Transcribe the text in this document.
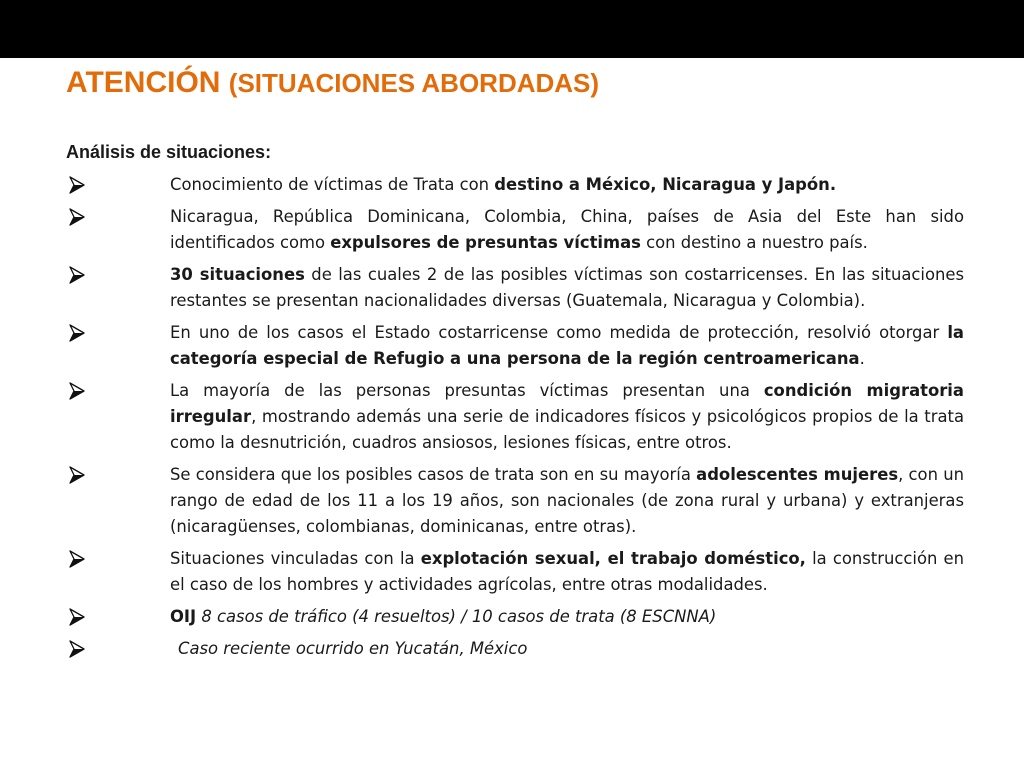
ATENCIÓN (SITUACIONES ABORDADAS)

Análisis de situaciones:

Conocimiento de víctimas de Trata con destino a México, Nicaragua y Japón.
Nicaragua, República Dominicana, Colombia, China, países de Asia del Este han sido identificados como expulsores de presuntas víctimas con destino a nuestro país.
30 situaciones de las cuales 2 de las posibles víctimas son costarricenses. En las situaciones restantes se presentan nacionalidades diversas (Guatemala, Nicaragua y Colombia).
En uno de los casos el Estado costarricense como medida de protección, resolvió otorgar la categoría especial de Refugio a una persona de la región centroamericana.
La mayoría de las personas presuntas víctimas presentan una condición migratoria irregular, mostrando además una serie de indicadores físicos y psicológicos propios de la trata como la desnutrición, cuadros ansiosos, lesiones físicas, entre otros.
Se considera que los posibles casos de trata son en su mayoría adolescentes mujeres, con un rango de edad de los 11 a los 19 años, son nacionales (de zona rural y urbana) y extranjeras (nicaragüenses, colombianas, dominicanas, entre otras).
Situaciones vinculadas con la explotación sexual, el trabajo doméstico, la construcción en el caso de los hombres y actividades agrícolas, entre otras modalidades.
OIJ 8 casos de tráfico (4 resueltos) / 10 casos de trata (8 ESCNNA)
Caso reciente ocurrido en Yucatán, México
